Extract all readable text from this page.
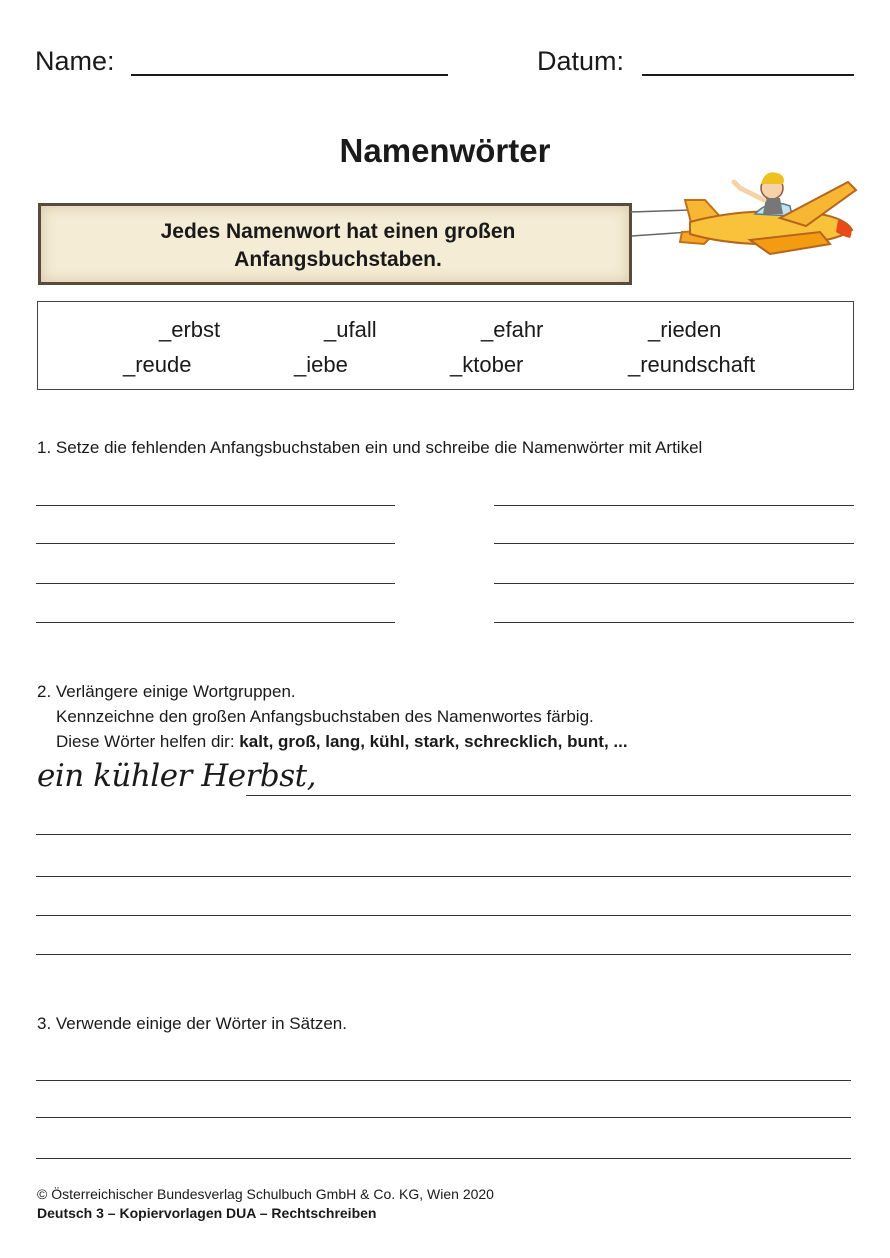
Name:	Datum:
Namenwörter
Jedes Namenwort hat einen großen
Anfangsbuchstaben.
_erbst	_ufall	_efahr	_rieden
_reude	_iebe	_ktober	_reundschaft
1. Setze die fehlenden Anfangsbuchstaben ein und schreibe die Namenwörter mit Artikel
2. Verlängere einige Wortgruppen.
Kennzeichne den großen Anfangsbuchstaben des Namenwortes färbig.
Diese Wörter helfen dir: kalt, groß, lang, kühl, stark, schrecklich, bunt, ...
ein kühler Herbst,
3. Verwende einige der Wörter in Sätzen.
© Österreichischer Bundesverlag Schulbuch GmbH & Co. KG, Wien 2020
Deutsch 3 – Kopiervorlagen DUA – Rechtschreiben
